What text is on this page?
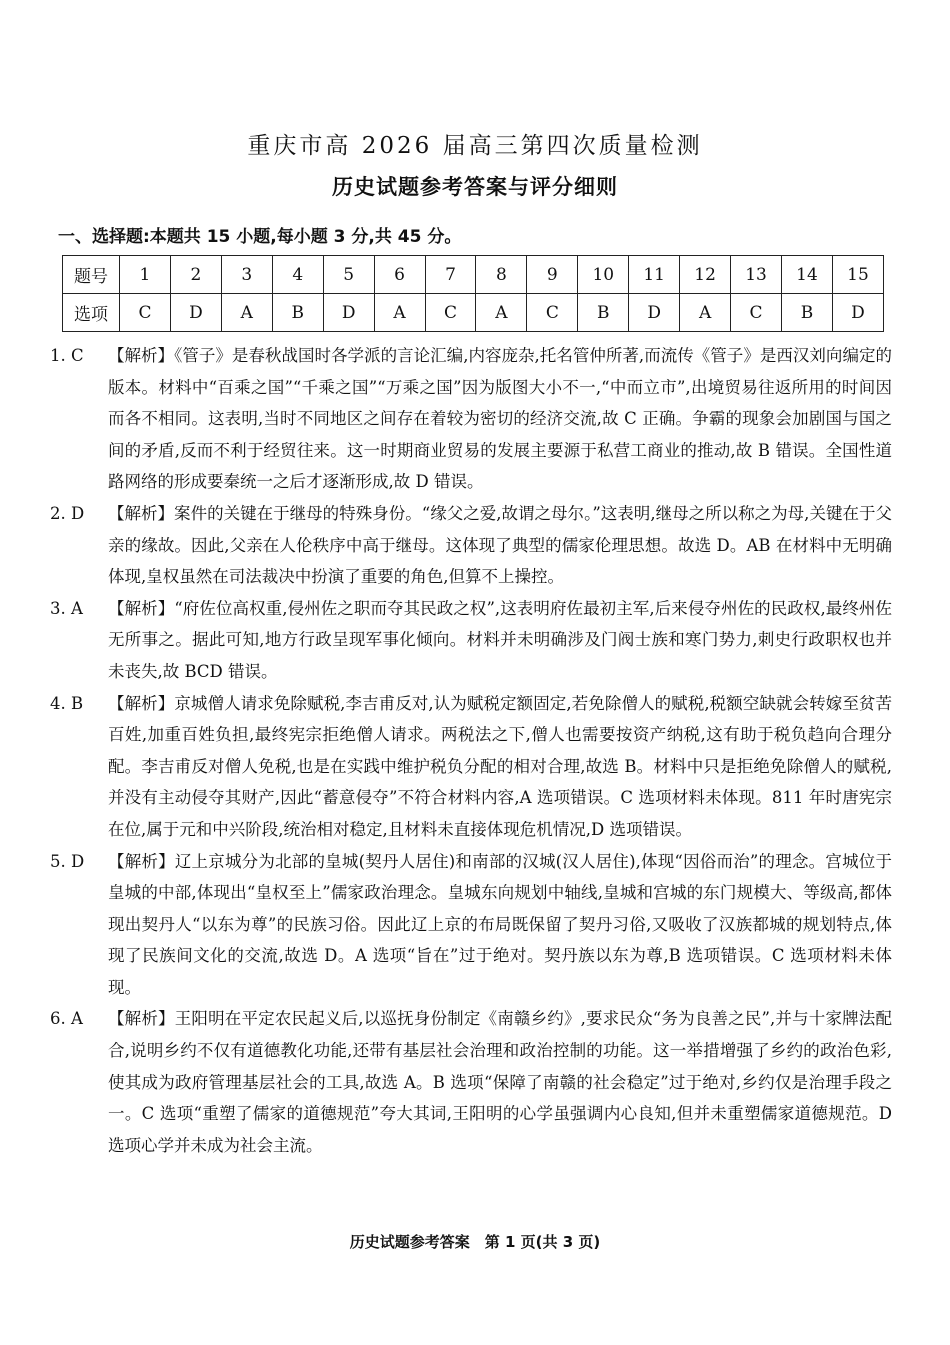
重庆市高 2026 届高三第四次质量检测
历史试题参考答案与评分细则
一、选择题:本题共 15 小题,每小题 3 分,共 45 分。
题号	1	2	3	4	5	6	7	8	9	10	11	12	13	14	15
选项	C	D	A	B	D	A	C	A	C	B	D	A	C	B	D

1. C 【解析】《管子》是春秋战国时各学派的言论汇编,内容庞杂,托名管仲所著,而流传《管子》是西汉刘向编定的版本。材料中“百乘之国”“千乘之国”“万乘之国”因为版图大小不一,“中而立市”,出境贸易往返所用的时间因而各不相同。这表明,当时不同地区之间存在着较为密切的经济交流,故 C 正确。争霸的现象会加剧国与国之间的矛盾,反而不利于经贸往来。这一时期商业贸易的发展主要源于私营工商业的推动,故 B 错误。全国性道路网络的形成要秦统一之后才逐渐形成,故 D 错误。

2. D 【解析】案件的关键在于继母的特殊身份。“缘父之爱,故谓之母尔。”这表明,继母之所以称之为母,关键在于父亲的缘故。因此,父亲在人伦秩序中高于继母。这体现了典型的儒家伦理思想。故选 D。AB 在材料中无明确体现,皇权虽然在司法裁决中扮演了重要的角色,但算不上操控。

3. A 【解析】“府佐位高权重,侵州佐之职而夺其民政之权”,这表明府佐最初主军,后来侵夺州佐的民政权,最终州佐无所事之。据此可知,地方行政呈现军事化倾向。材料并未明确涉及门阀士族和寒门势力,刺史行政职权也并未丧失,故 BCD 错误。

4. B 【解析】京城僧人请求免除赋税,李吉甫反对,认为赋税定额固定,若免除僧人的赋税,税额空缺就会转嫁至贫苦百姓,加重百姓负担,最终宪宗拒绝僧人请求。两税法之下,僧人也需要按资产纳税,这有助于税负趋向合理分配。李吉甫反对僧人免税,也是在实践中维护税负分配的相对合理,故选 B。材料中只是拒绝免除僧人的赋税,并没有主动侵夺其财产,因此“蓄意侵夺”不符合材料内容,A 选项错误。C 选项材料未体现。811 年时唐宪宗在位,属于元和中兴阶段,统治相对稳定,且材料未直接体现危机情况,D 选项错误。

5. D 【解析】辽上京城分为北部的皇城(契丹人居住)和南部的汉城(汉人居住),体现“因俗而治”的理念。宫城位于皇城的中部,体现出“皇权至上”儒家政治理念。皇城东向规划中轴线,皇城和宫城的东门规模大、等级高,都体现出契丹人“以东为尊”的民族习俗。因此辽上京的布局既保留了契丹习俗,又吸收了汉族都城的规划特点,体现了民族间文化的交流,故选 D。A 选项“旨在”过于绝对。契丹族以东为尊,B 选项错误。C 选项材料未体现。

6. A 【解析】王阳明在平定农民起义后,以巡抚身份制定《南赣乡约》,要求民众“务为良善之民”,并与十家牌法配合,说明乡约不仅有道德教化功能,还带有基层社会治理和政治控制的功能。这一举措增强了乡约的政治色彩,使其成为政府管理基层社会的工具,故选 A。B 选项“保障了南赣的社会稳定”过于绝对,乡约仅是治理手段之一。C 选项“重塑了儒家的道德规范”夸大其词,王阳明的心学虽强调内心良知,但并未重塑儒家道德规范。D 选项心学并未成为社会主流。

历史试题参考答案　第 1 页(共 3 页)
